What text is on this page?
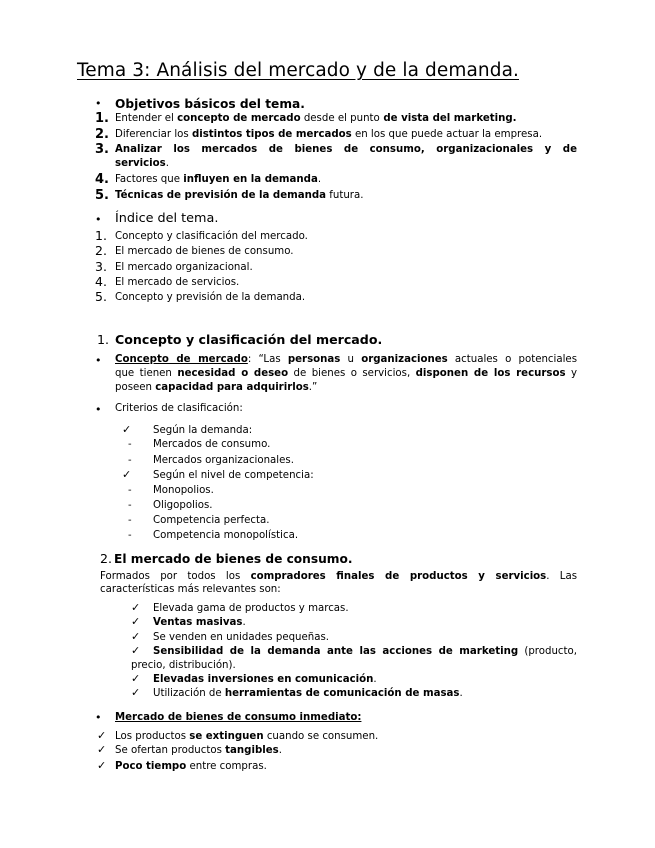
Tema 3: Análisis del mercado y de la demanda.
•
Objetivos básicos del tema.
1. Entender el concepto de mercado desde el punto de vista del marketing.
2. Diferenciar los distintos tipos de mercados en los que puede actuar la empresa.
3. Analizar los mercados de bienes de consumo, organizacionales y de
servicios.
4. Factores que influyen en la demanda.
5. Técnicas de previsión de la demanda futura.
•
Índice del tema.
1. Concepto y clasificación del mercado.
2. El mercado de bienes de consumo.
3. El mercado organizacional.
4. El mercado de servicios.
5. Concepto y previsión de la demanda.
1. Concepto y clasificación del mercado.
•
Concepto de mercado: “Las personas u organizaciones actuales o potenciales
que tienen necesidad o deseo de bienes o servicios, disponen de los recursos y
poseen capacidad para adquirirlos.”
•
Criterios de clasificación:
✓ Según la demanda:
- Mercados de consumo.
- Mercados organizacionales.
✓ Según el nivel de competencia:
- Monopolios.
- Oligopolios.
- Competencia perfecta.
- Competencia monopolística.
2. El mercado de bienes de consumo.
Formados por todos los compradores finales de productos y servicios. Las
características más relevantes son:
✓ Elevada gama de productos y marcas.
✓ Ventas masivas.
✓ Se venden en unidades pequeñas.
✓ Sensibilidad de la demanda ante las acciones de marketing (producto,
precio, distribución).
✓ Elevadas inversiones en comunicación.
✓ Utilización de herramientas de comunicación de masas.
•
Mercado de bienes de consumo inmediato:
✓ Los productos se extinguen cuando se consumen.
✓ Se ofertan productos tangibles.
✓ Poco tiempo entre compras.
